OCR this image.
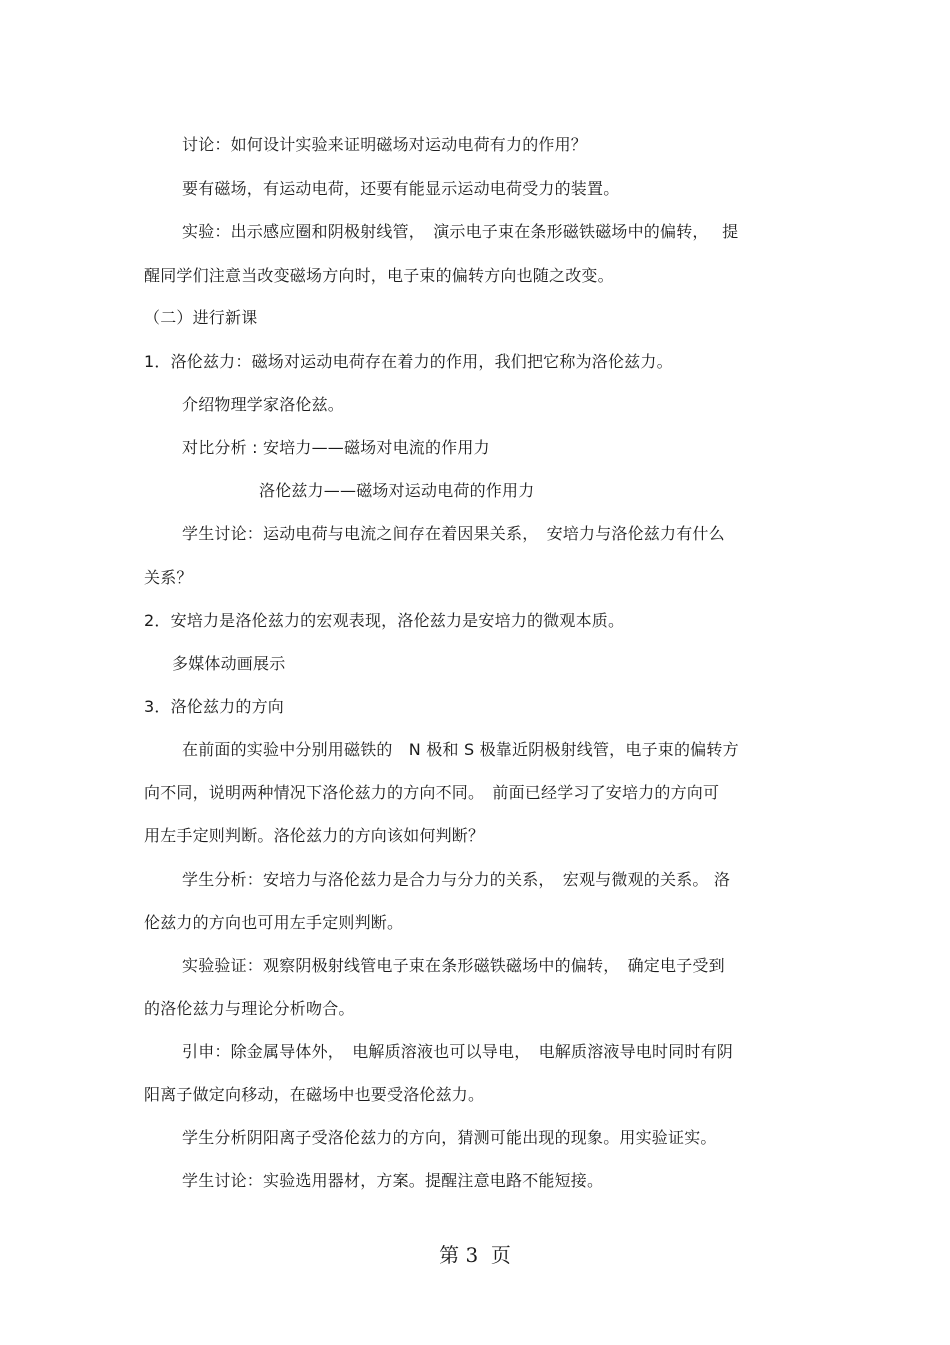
讨论：如何设计实验来证明磁场对运动电荷有力的作用？
要有磁场，有运动电荷，还要有能显示运动电荷受力的装置。
实验：出示感应圈和阴极射线管，　演示电子束在条形磁铁磁场中的偏转，　 提
醒同学们注意当改变磁场方向时，电子束的偏转方向也随之改变。
（二）进行新课
1．洛伦兹力：磁场对运动电荷存在着力的作用，我们把它称为洛伦兹力。
介绍物理学家洛伦兹。
对比分析 : 安培力——磁场对电流的作用力
洛伦兹力——磁场对运动电荷的作用力
学生讨论：运动电荷与电流之间存在着因果关系，　安培力与洛伦兹力有什么
关系？
2．安培力是洛伦兹力的宏观表现，洛伦兹力是安培力的微观本质。
多媒体动画展示
3．洛伦兹力的方向
在前面的实验中分别用磁铁的　N 极和 S 极靠近阴极射线管，电子束的偏转方
向不同，说明两种情况下洛伦兹力的方向不同。　前面已经学习了安培力的方向可
用左手定则判断。洛伦兹力的方向该如何判断？
学生分析：安培力与洛伦兹力是合力与分力的关系，　宏观与微观的关系。 洛
伦兹力的方向也可用左手定则判断。
实验验证：观察阴极射线管电子束在条形磁铁磁场中的偏转，　确定电子受到
的洛伦兹力与理论分析吻合。
引申：除金属导体外，　电解质溶液也可以导电，　电解质溶液导电时同时有阴
阳离子做定向移动，在磁场中也要受洛伦兹力。
学生分析阴阳离子受洛伦兹力的方向，猜测可能出现的现象。用实验证实。
学生讨论：实验选用器材，方案。提醒注意电路不能短接。
第 3  页
